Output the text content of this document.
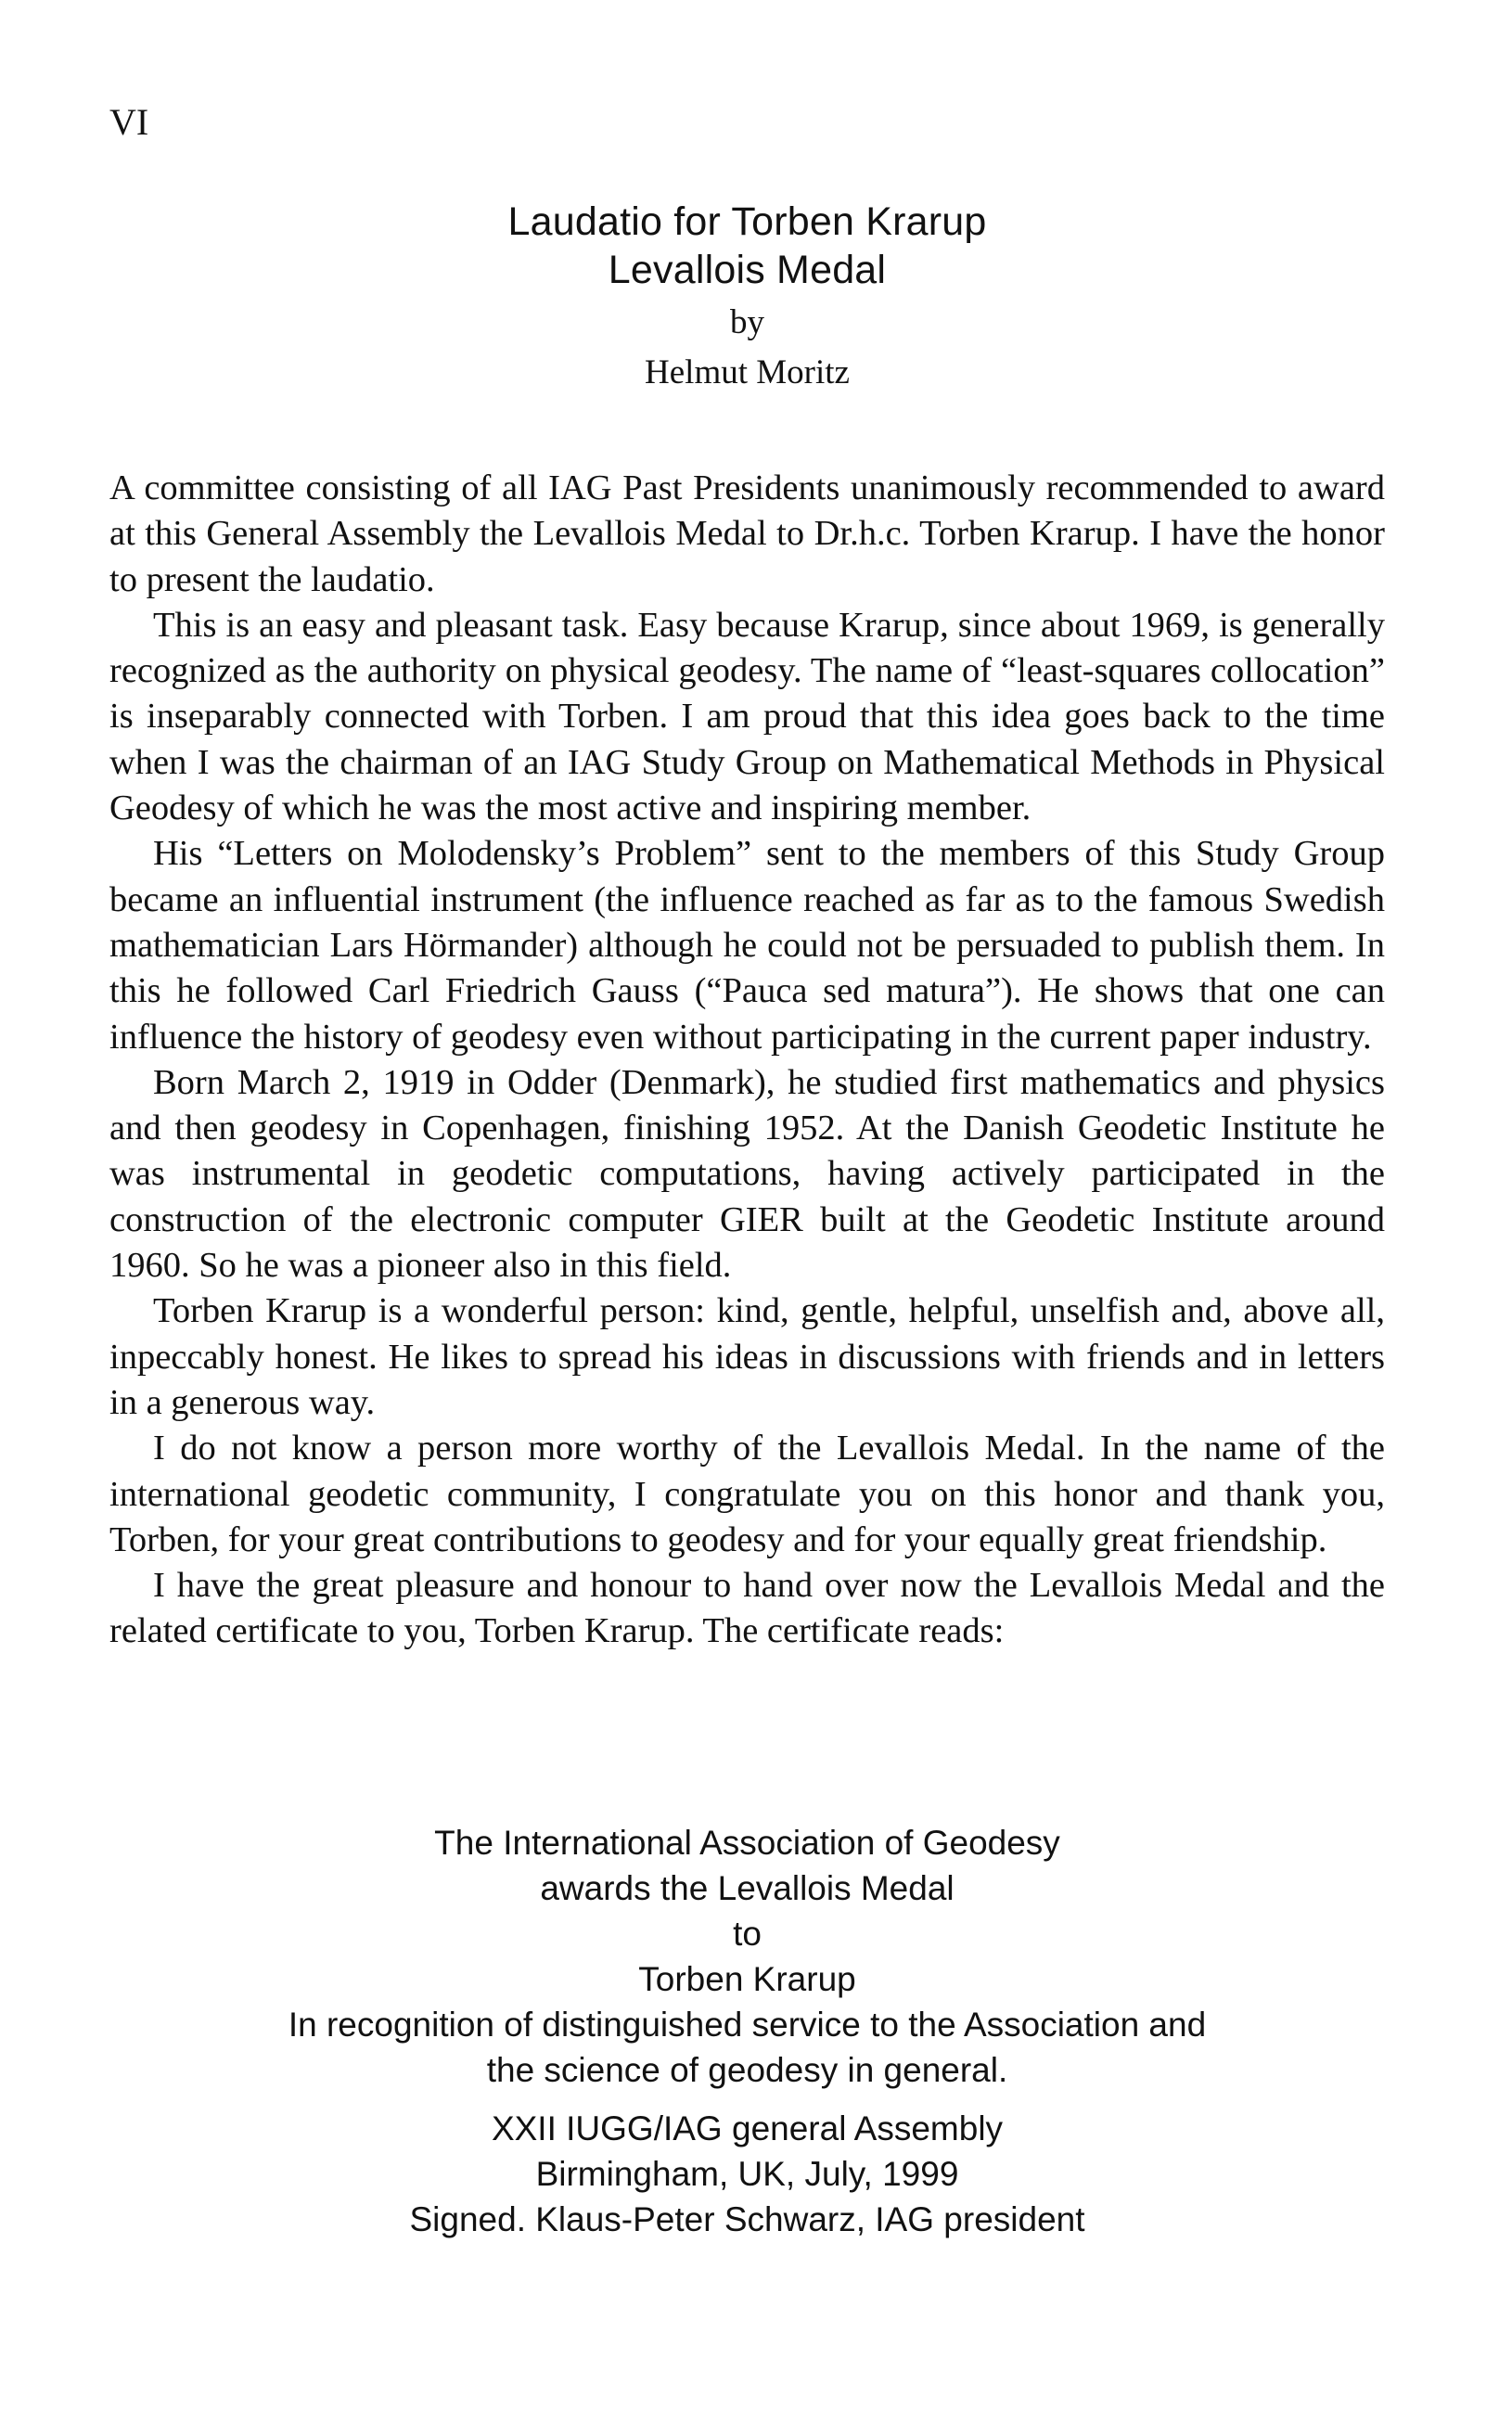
VI
Laudatio for Torben Krarup
Levallois Medal
by
Helmut Moritz

A committee consisting of all IAG Past Presidents unanimously recommended to award at this General Assembly the Levallois Medal to Dr.h.c. Torben Krarup. I have the honor to present the laudatio.

This is an easy and pleasant task. Easy because Krarup, since about 1969, is generally recognized as the authority on physical geodesy. The name of “least-squares collocation” is inseparably connected with Torben. I am proud that this idea goes back to the time when I was the chairman of an IAG Study Group on Mathematical Methods in Physical Geodesy of which he was the most active and inspiring member.

His “Letters on Molodensky’s Problem” sent to the members of this Study Group became an influential instrument (the influence reached as far as to the famous Swedish mathematician Lars Hörmander) although he could not be persuaded to publish them. In this he followed Carl Friedrich Gauss (“Pauca sed matura”). He shows that one can influence the history of geodesy even without participating in the current paper industry.

Born March 2, 1919 in Odder (Denmark), he studied first mathematics and physics and then geodesy in Copenhagen, finishing 1952. At the Danish Geodetic Institute he was instrumental in geodetic computations, having actively participated in the construction of the electronic computer GIER built at the Geodetic Institute around 1960. So he was a pioneer also in this field.

Torben Krarup is a wonderful person: kind, gentle, helpful, unselfish and, above all, inpeccably honest. He likes to spread his ideas in discussions with friends and in letters in a generous way.

I do not know a person more worthy of the Levallois Medal. In the name of the international geodetic community, I congratulate you on this honor and thank you, Torben, for your great contributions to geodesy and for your equally great friendship.

I have the great pleasure and honour to hand over now the Levallois Medal and the related certificate to you, Torben Krarup. The certificate reads:

The International Association of Geodesy
awards the Levallois Medal
to
Torben Krarup
In recognition of distinguished service to the Association and
the science of geodesy in general.
XXII IUGG/IAG general Assembly
Birmingham, UK, July, 1999
Signed. Klaus-Peter Schwarz, IAG president
